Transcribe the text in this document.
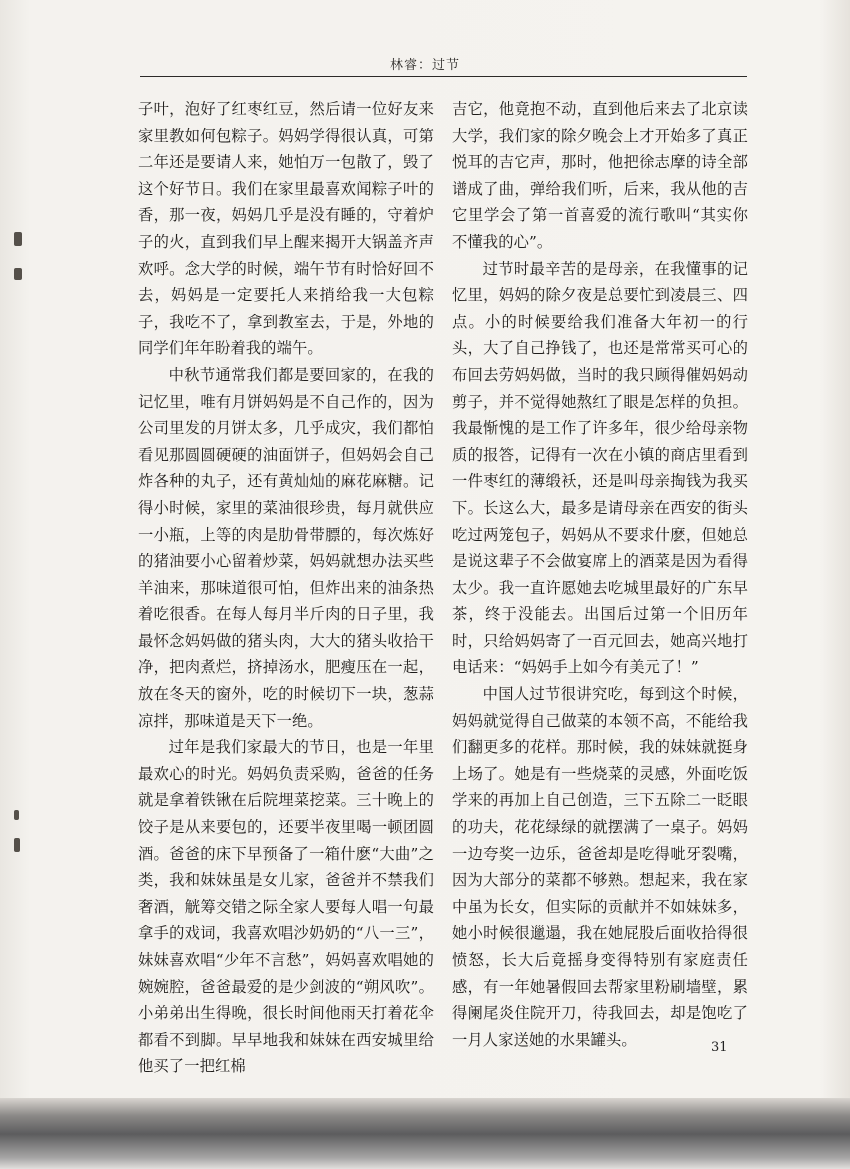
林睿：过节

子叶，泡好了红枣红豆，然后请一位好友来家里教如何包粽子。妈妈学得很认真，可第二年还是要请人来，她怕万一包散了，毁了这个好节日。我们在家里最喜欢闻粽子叶的香，那一夜，妈妈几乎是没有睡的，守着炉子的火，直到我们早上醒来揭开大锅盖齐声欢呼。念大学的时候，端午节有时恰好回不去，妈妈是一定要托人来捎给我一大包粽子，我吃不了，拿到教室去，于是，外地的同学们年年盼着我的端午。

中秋节通常我们都是要回家的，在我的记忆里，唯有月饼妈妈是不自己作的，因为公司里发的月饼太多，几乎成灾，我们都怕看见那圆圆硬硬的油面饼子，但妈妈会自己炸各种的丸子，还有黄灿灿的麻花麻糖。记得小时候，家里的菜油很珍贵，每月就供应一小瓶，上等的肉是肋骨带膘的，每次炼好的猪油要小心留着炒菜，妈妈就想办法买些羊油来，那味道很可怕，但炸出来的油条热着吃很香。在每人每月半斤肉的日子里，我最怀念妈妈做的猪头肉，大大的猪头收拾干净，把肉煮烂，挤掉汤水，肥瘦压在一起，放在冬天的窗外，吃的时候切下一块，葱蒜凉拌，那味道是天下一绝。

过年是我们家最大的节日，也是一年里最欢心的时光。妈妈负责采购，爸爸的任务就是拿着铁锹在后院埋菜挖菜。三十晚上的饺子是从来要包的，还要半夜里喝一顿团圆酒。爸爸的床下早预备了一箱什麽“大曲”之类，我和妹妹虽是女儿家，爸爸并不禁我们奢酒，觥筹交错之际全家人要每人唱一句最拿手的戏词，我喜欢唱沙奶奶的“八一三”，妹妹喜欢唱“少年不言愁”，妈妈喜欢唱她的婉婉腔，爸爸最爱的是少剑波的“朔风吹”。小弟弟出生得晚，很长时间他雨天打着花伞都看不到脚。早早地我和妹妹在西安城里给他买了一把红棉

吉它，他竟抱不动，直到他后来去了北京读大学，我们家的除夕晚会上才开始多了真正悦耳的吉它声，那时，他把徐志摩的诗全部谱成了曲，弹给我们听，后来，我从他的吉它里学会了第一首喜爱的流行歌叫“其实你不懂我的心”。

过节时最辛苦的是母亲，在我懂事的记忆里，妈妈的除夕夜是总要忙到凌晨三、四点。小的时候要给我们准备大年初一的行头，大了自己挣钱了，也还是常常买可心的布回去劳妈妈做，当时的我只顾得催妈妈动剪子，并不觉得她熬红了眼是怎样的负担。我最惭愧的是工作了许多年，很少给母亲物质的报答，记得有一次在小镇的商店里看到一件枣红的薄缎袄，还是叫母亲掏钱为我买下。长这么大，最多是请母亲在西安的街头吃过两笼包子，妈妈从不要求什麽，但她总是说这辈子不会做宴席上的酒菜是因为看得太少。我一直许愿她去吃城里最好的广东早茶，终于没能去。出国后过第一个旧历年时，只给妈妈寄了一百元回去，她高兴地打电话来：“妈妈手上如今有美元了！”

中国人过节很讲究吃，每到这个时候，妈妈就觉得自己做菜的本领不高，不能给我们翻更多的花样。那时候，我的妹妹就挺身上场了。她是有一些烧菜的灵感，外面吃饭学来的再加上自己创造，三下五除二一眨眼的功夫，花花绿绿的就摆满了一桌子。妈妈一边夸奖一边乐，爸爸却是吃得呲牙裂嘴，因为大部分的菜都不够熟。想起来，我在家中虽为长女，但实际的贡献并不如妹妹多，她小时候很邋遢，我在她屁股后面收拾得很愤怒，长大后竟摇身变得特别有家庭责任感，有一年她暑假回去帮家里粉刷墙壁，累得阑尾炎住院开刀，待我回去，却是饱吃了一月人家送她的水果罐头。	31
